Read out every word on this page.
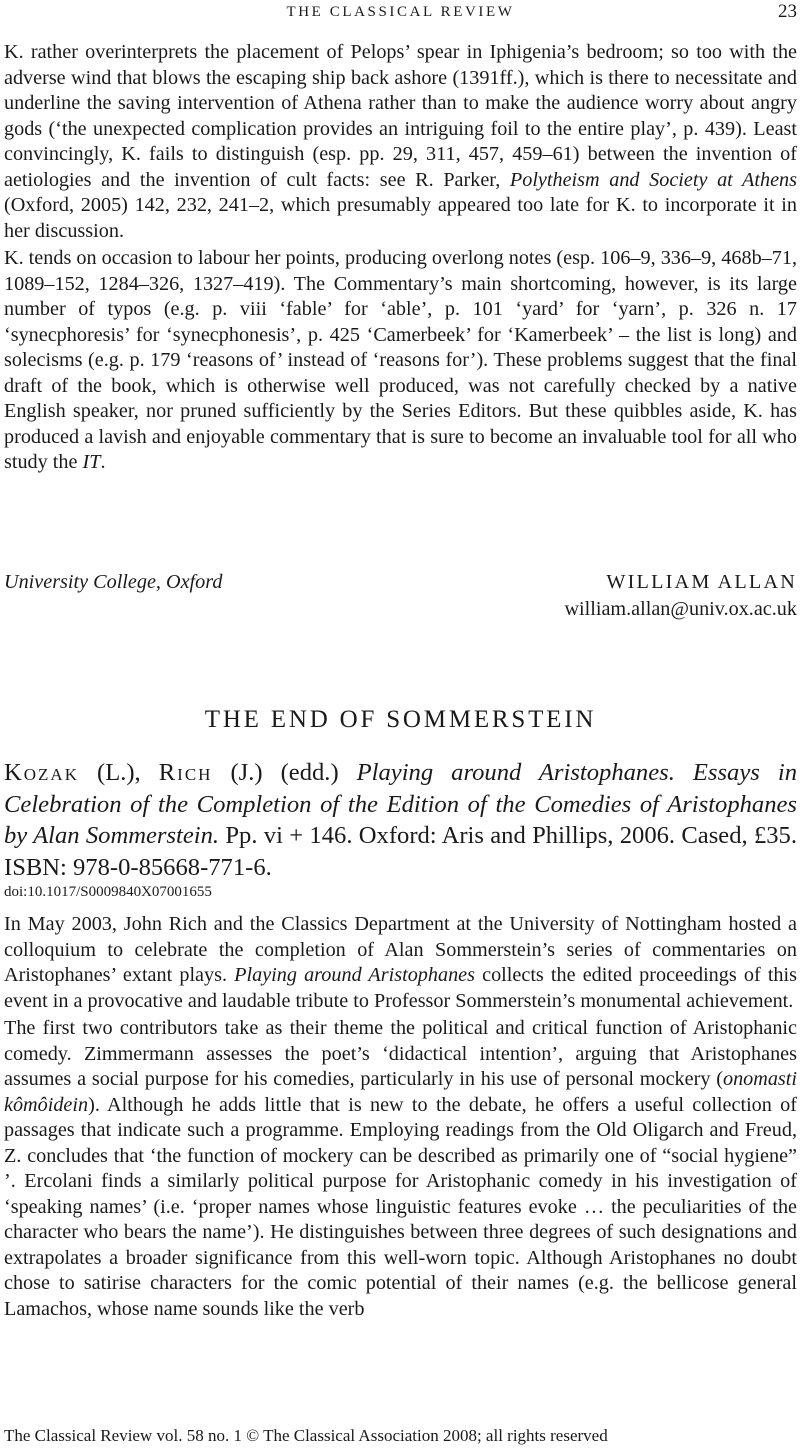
THE CLASSICAL REVIEW	23

K. rather overinterprets the placement of Pelops’ spear in Iphigenia’s bedroom; so too with the adverse wind that blows the escaping ship back ashore (1391ff.), which is there to necessitate and underline the saving intervention of Athena rather than to make the audience worry about angry gods (‘the unexpected complication provides an intriguing foil to the entire play’, p. 439). Least convincingly, K. fails to distinguish (esp. pp. 29, 311, 457, 459–61) between the invention of aetiologies and the invention of cult facts: see R. Parker, Polytheism and Society at Athens (Oxford, 2005) 142, 232, 241–2, which presumably appeared too late for K. to incorporate it in her discussion.

K. tends on occasion to labour her points, producing overlong notes (esp. 106–9, 336–9, 468b–71, 1089–152, 1284–326, 1327–419). The Commentary’s main shortcoming, however, is its large number of typos (e.g. p. viii ‘fable’ for ‘able’, p. 101 ‘yard’ for ‘yarn’, p. 326 n. 17 ‘synecphoresis’ for ‘synecphonesis’, p. 425 ‘Camerbeek’ for ‘Kamerbeek’ – the list is long) and solecisms (e.g. p. 179 ‘reasons of’ instead of ‘reasons for’). These problems suggest that the final draft of the book, which is otherwise well produced, was not carefully checked by a native English speaker, nor pruned sufficiently by the Series Editors. But these quibbles aside, K. has produced a lavish and enjoyable commentary that is sure to become an invaluable tool for all who study the IT.

University College, Oxford	WILLIAM ALLAN
william.allan@univ.ox.ac.uk
THE END OF SOMMERSTEIN
Kozak (L.), Rich (J.) (edd.) Playing around Aristophanes. Essays in Celebration of the Completion of the Edition of the Comedies of Aristophanes by Alan Sommerstein. Pp. vi + 146. Oxford: Aris and Phillips, 2006. Cased, £35. ISBN: 978-0-85668-771-6.
doi:10.1017/S0009840X07001655

In May 2003, John Rich and the Classics Department at the University of Nottingham hosted a colloquium to celebrate the completion of Alan Sommerstein’s series of commentaries on Aristophanes’ extant plays. Playing around Aristophanes collects the edited proceedings of this event in a provocative and laudable tribute to Professor Sommerstein’s monumental achievement.

The first two contributors take as their theme the political and critical function of Aristophanic comedy. Zimmermann assesses the poet’s ‘didactical intention’, arguing that Aristophanes assumes a social purpose for his comedies, particularly in his use of personal mockery (onomasti kômôidein). Although he adds little that is new to the debate, he offers a useful collection of passages that indicate such a programme. Employing readings from the Old Oligarch and Freud, Z. concludes that ‘the function of mockery can be described as primarily one of “social hygiene” ’. Ercolani finds a similarly political purpose for Aristophanic comedy in his investigation of ‘speaking names’ (i.e. ‘proper names whose linguistic features evoke … the peculiarities of the character who bears the name’). He distinguishes between three degrees of such designations and extrapolates a broader significance from this well-worn topic. Although Aristophanes no doubt chose to satirise characters for the comic potential of their names (e.g. the bellicose general Lamachos, whose name sounds like the verb

The Classical Review vol. 58 no. 1 © The Classical Association 2008; all rights reserved
